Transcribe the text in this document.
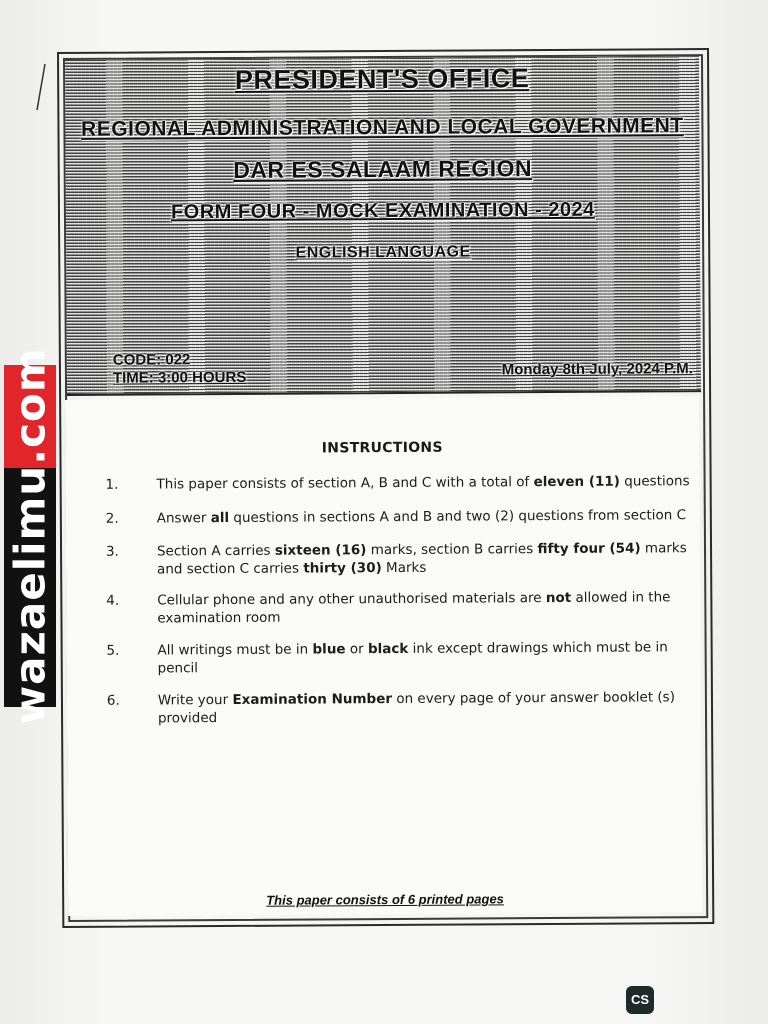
PRESIDENT'S OFFICE
REGIONAL ADMINISTRATION AND LOCAL GOVERNMENT
DAR ES SALAAM REGION
FORM FOUR - MOCK EXAMINATION - 2024
ENGLISH LANGUAGE
CODE: 022
TIME: 3:00 HOURS	Monday 8th July, 2024 P.M.
INSTRUCTIONS
1.	This paper consists of section A, B and C with a total of eleven (11) questions
2.	Answer all questions in sections A and B and two (2) questions from section C
3.	Section A carries sixteen (16) marks, section B carries fifty four (54) marks and section C carries thirty (30) Marks
4.	Cellular phone and any other unauthorised materials are not allowed in the examination room
5.	All writings must be in blue or black ink except drawings which must be in pencil
6.	Write your Examination Number on every page of your answer booklet (s) provided
This paper consists of 6 printed pages
wazaelimu.com
CS
